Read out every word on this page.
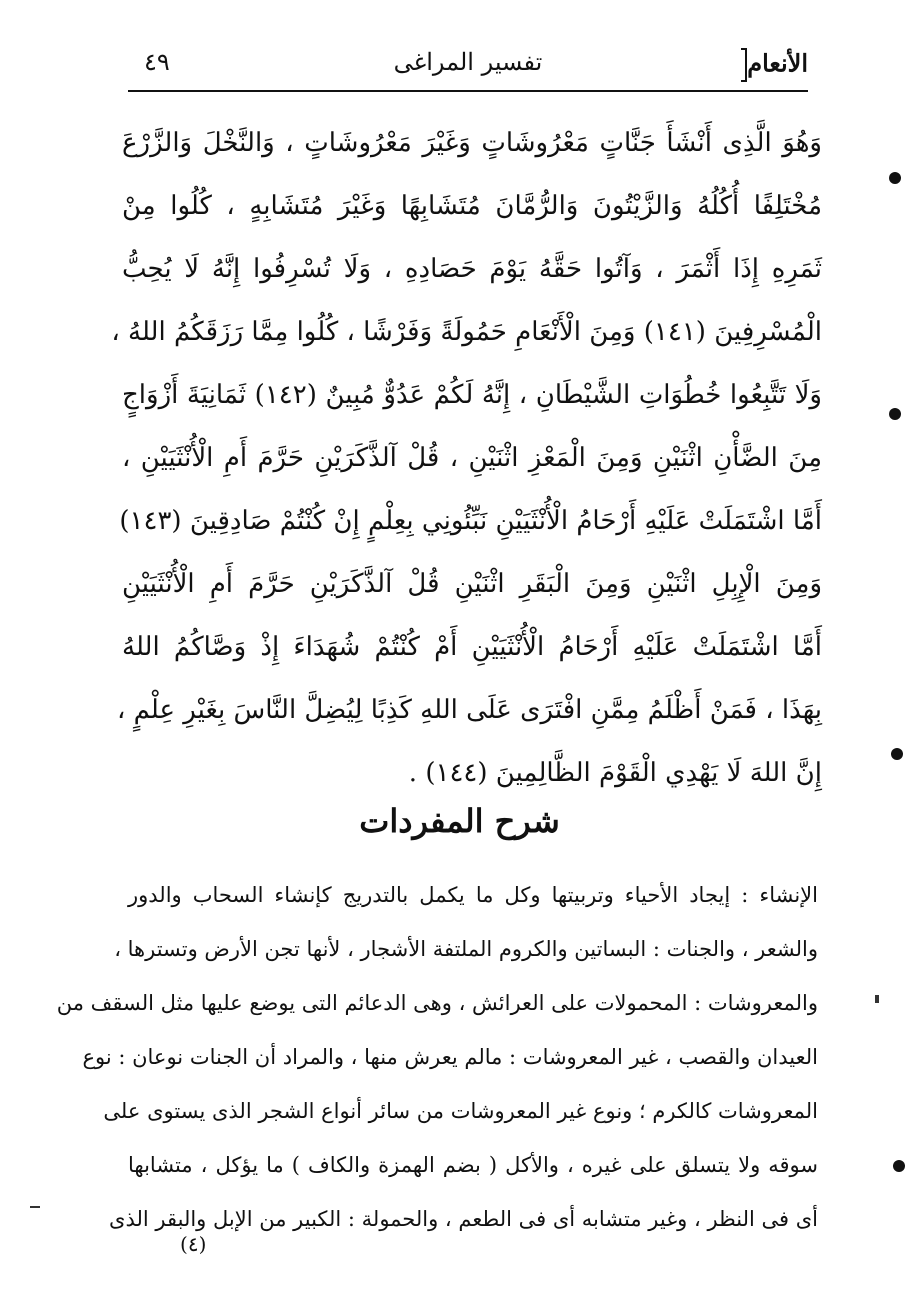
الأنعام
تفسير المراغى
٤٩
وَهُوَ الَّذِى أَنْشَأَ جَنَّاتٍ مَعْرُوشَاتٍ وَغَيْرَ مَعْرُوشَاتٍ ، وَالنَّخْلَ وَالزَّرْعَ
مُخْتَلِفًا أُكُلُهُ وَالزَّيْتُونَ وَالرُّمَّانَ مُتَشَابِهًا وَغَيْرَ مُتَشَابِهٍ ، كُلُوا مِنْ
ثَمَرِهِ إِذَا أَثْمَرَ ، وَآتُوا حَقَّهُ يَوْمَ حَصَادِهِ ، وَلَا تُسْرِفُوا إِنَّهُ لَا يُحِبُّ
الْمُسْرِفِينَ (١٤١) وَمِنَ الْأَنْعَامِ حَمُولَةً وَفَرْشًا ، كُلُوا مِمَّا رَزَقَكُمُ اللهُ ،
وَلَا تَتَّبِعُوا خُطُوَاتِ الشَّيْطَانِ ، إِنَّهُ لَكُمْ عَدُوٌّ مُبِينٌ (١٤٢) ثَمَانِيَةَ أَزْوَاجٍ
مِنَ الضَّأْنِ اثْنَيْنِ وَمِنَ الْمَعْزِ اثْنَيْنِ ، قُلْ آلذَّكَرَيْنِ حَرَّمَ أَمِ الْأُنْثَيَيْنِ ،
أَمَّا اشْتَمَلَتْ عَلَيْهِ أَرْحَامُ الْأُنْثَيَيْنِ نَبِّئُونِي بِعِلْمٍ إِنْ كُنْتُمْ صَادِقِينَ (١٤٣)
وَمِنَ الْإِبِلِ اثْنَيْنِ وَمِنَ الْبَقَرِ اثْنَيْنِ قُلْ آلذَّكَرَيْنِ حَرَّمَ أَمِ الْأُنْثَيَيْنِ
أَمَّا اشْتَمَلَتْ عَلَيْهِ أَرْحَامُ الْأُنْثَيَيْنِ أَمْ كُنْتُمْ شُهَدَاءَ إِذْ وَصَّاكُمُ اللهُ
بِهَذَا ، فَمَنْ أَظْلَمُ مِمَّنِ افْتَرَى عَلَى اللهِ كَذِبًا لِيُضِلَّ النَّاسَ بِغَيْرِ عِلْمٍ ،
إِنَّ اللهَ لَا يَهْدِي الْقَوْمَ الظَّالِمِينَ (١٤٤) .
شرح المفردات
الإنشاء : إيجاد الأحياء وتربيتها وكل ما يكمل بالتدريج كإنشاء السحاب والدور
والشعر ، والجنات : البساتين والكروم الملتفة الأشجار ، لأنها تجن الأرض وتسترها ،
والمعروشات : المحمولات على العرائش ، وهى الدعائم التى يوضع عليها مثل السقف من
العيدان والقصب ، غير المعروشات : مالم يعرش منها ، والمراد أن الجنات نوعان : نوع
المعروشات كالكرم ؛ ونوع غير المعروشات من سائر أنواع الشجر الذى يستوى على
سوقه ولا يتسلق على غيره ، والأكل ( بضم الهمزة والكاف ) ما يؤكل ، متشابها
أى فى النظر ، وغير متشابه أى فى الطعم ، والحمولة : الكبير من الإبل والبقر الذى
(٤)
